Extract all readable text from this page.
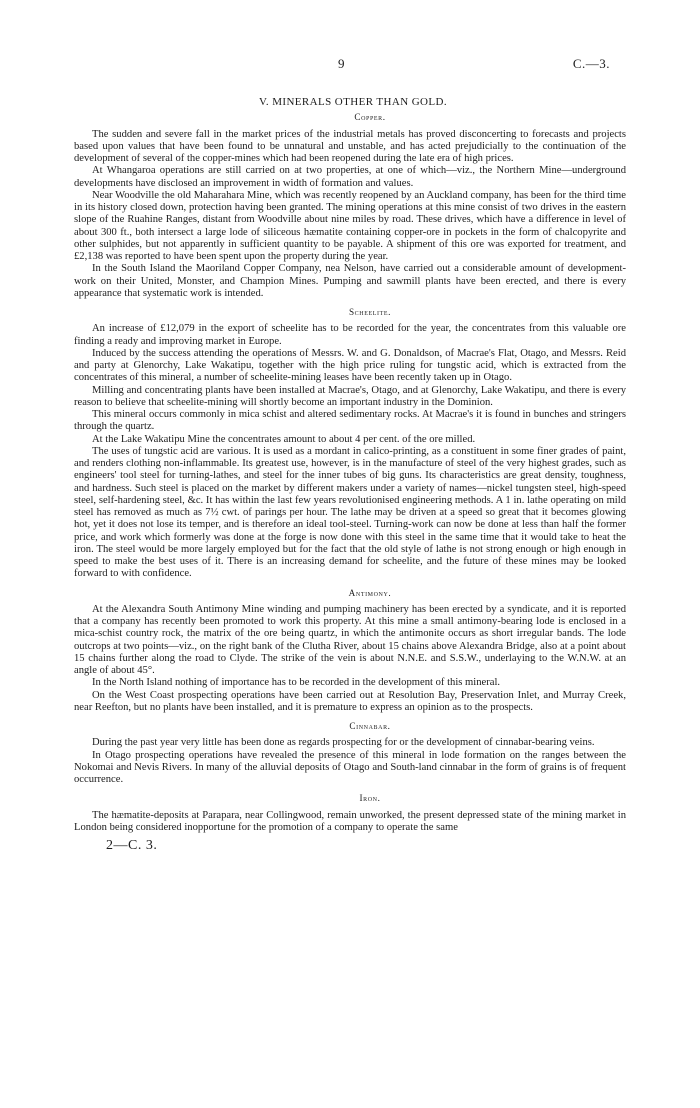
9	C.—3.
V. MINERALS OTHER THAN GOLD.
Copper.

The sudden and severe fall in the market prices of the industrial metals has proved disconcerting to forecasts and projects based upon values that have been found to be unnatural and unstable, and has acted prejudicially to the continuation of the development of several of the copper-mines which had been reopened during the late era of high prices.

At Whangaroa operations are still carried on at two properties, at one of which—viz., the Northern Mine—underground developments have disclosed an improvement in width of formation and values.

Near Woodville the old Maharahara Mine, which was recently reopened by an Auckland company, has been for the third time in its history closed down, protection having been granted. The mining operations at this mine consist of two drives in the eastern slope of the Ruahine Ranges, distant from Woodville about nine miles by road. These drives, which have a difference in level of about 300 ft., both intersect a large lode of siliceous hæmatite containing copper-ore in pockets in the form of chalcopyrite and other sulphides, but not apparently in sufficient quantity to be payable. A shipment of this ore was exported for treatment, and £2,138 was reported to have been spent upon the property during the year.

In the South Island the Maoriland Copper Company, nea Nelson, have carried out a considerable amount of development-work on their United, Monster, and Champion Mines. Pumping and sawmill plants have been erected, and there is every appearance that systematic work is intended.

Scheelite.

An increase of £12,079 in the export of scheelite has to be recorded for the year, the concentrates from this valuable ore finding a ready and improving market in Europe.

Induced by the success attending the operations of Messrs. W. and G. Donaldson, of Macrae's Flat, Otago, and Messrs. Reid and party at Glenorchy, Lake Wakatipu, together with the high price ruling for tungstic acid, which is extracted from the concentrates of this mineral, a number of scheelite-mining leases have been recently taken up in Otago.

Milling and concentrating plants have been installed at Macrae's, Otago, and at Glenorchy, Lake Wakatipu, and there is every reason to believe that scheelite-mining will shortly become an important industry in the Dominion.

This mineral occurs commonly in mica schist and altered sedimentary rocks. At Macrae's it is found in bunches and stringers through the quartz.

At the Lake Wakatipu Mine the concentrates amount to about 4 per cent. of the ore milled.

The uses of tungstic acid are various. It is used as a mordant in calico-printing, as a constituent in some finer grades of paint, and renders clothing non-inflammable. Its greatest use, however, is in the manufacture of steel of the very highest grades, such as engineers' tool steel for turning-lathes, and steel for the inner tubes of big guns. Its characteristics are great density, toughness, and hardness. Such steel is placed on the market by different makers under a variety of names—nickel tungsten steel, high-speed steel, self-hardening steel, &c. It has within the last few years revolutionised engineering methods. A 1 in. lathe operating on mild steel has removed as much as 7½ cwt. of parings per hour. The lathe may be driven at a speed so great that it becomes glowing hot, yet it does not lose its temper, and is therefore an ideal tool-steel. Turning-work can now be done at less than half the former price, and work which formerly was done at the forge is now done with this steel in the same time that it would take to heat the iron. The steel would be more largely employed but for the fact that the old style of lathe is not strong enough or high enough in speed to make the best uses of it. There is an increasing demand for scheelite, and the future of these mines may be looked forward to with confidence.

Antimony.

At the Alexandra South Antimony Mine winding and pumping machinery has been erected by a syndicate, and it is reported that a company has recently been promoted to work this property. At this mine a small antimony-bearing lode is enclosed in a mica-schist country rock, the matrix of the ore being quartz, in which the antimonite occurs as short irregular bands. The lode outcrops at two points—viz., on the right bank of the Clutha River, about 15 chains above Alexandra Bridge, also at a point about 15 chains further along the road to Clyde. The strike of the vein is about N.N.E. and S.S.W., underlaying to the W.N.W. at an angle of about 45°.

In the North Island nothing of importance has to be recorded in the development of this mineral.

On the West Coast prospecting operations have been carried out at Resolution Bay, Preservation Inlet, and Murray Creek, near Reefton, but no plants have been installed, and it is premature to express an opinion as to the prospects.

Cinnabar.

During the past year very little has been done as regards prospecting for or the development of cinnabar-bearing veins.

In Otago prospecting operations have revealed the presence of this mineral in lode formation on the ranges between the Nokomai and Nevis Rivers. In many of the alluvial deposits of Otago and South-land cinnabar in the form of grains is of frequent occurrence.

Iron.

The hæmatite-deposits at Parapara, near Collingwood, remain unworked, the present depressed state of the mining market in London being considered inopportune for the promotion of a company to operate the same

2—C. 3.
